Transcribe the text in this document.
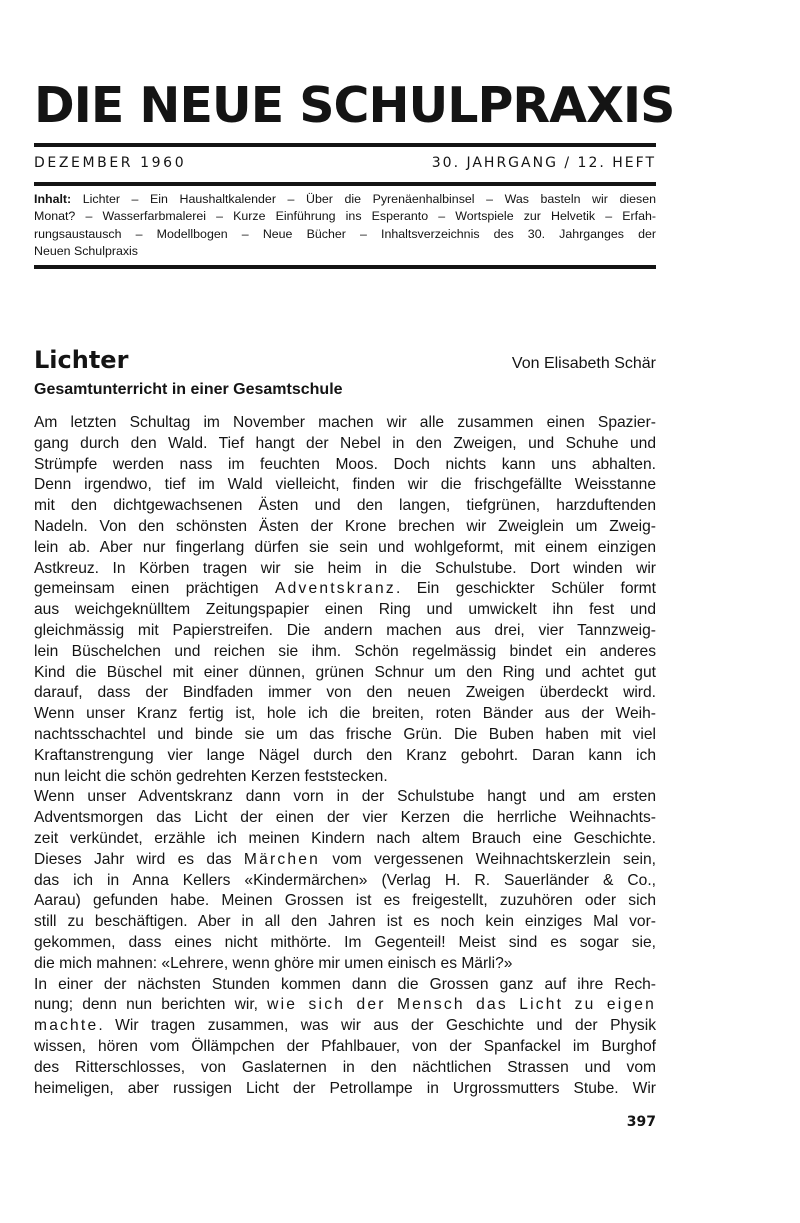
DIE NEUE SCHULPRAXIS
DEZEMBER 1960	30. JAHRGANG / 12. HEFT
Inhalt: Lichter – Ein Haushaltkalender – Über die Pyrenäenhalbinsel – Was basteln wir diesen
Monat? – Wasserfarbmalerei – Kurze Einführung ins Esperanto – Wortspiele zur Helvetik – Erfah-
rungsaustausch – Modellbogen – Neue Bücher – Inhaltsverzeichnis des 30. Jahrganges der
Neuen Schulpraxis
Lichter	Von Elisabeth Schär
Gesamtunterricht in einer Gesamtschule
Am letzten Schultag im November machen wir alle zusammen einen Spazier-
gang durch den Wald. Tief hangt der Nebel in den Zweigen, und Schuhe und
Strümpfe werden nass im feuchten Moos. Doch nichts kann uns abhalten.
Denn irgendwo, tief im Wald vielleicht, finden wir die frischgefällte Weisstanne
mit den dichtgewachsenen Ästen und den langen, tiefgrünen, harzduftenden
Nadeln. Von den schönsten Ästen der Krone brechen wir Zweiglein um Zweig-
lein ab. Aber nur fingerlang dürfen sie sein und wohlgeformt, mit einem einzigen
Astkreuz. In Körben tragen wir sie heim in die Schulstube. Dort winden wir
gemeinsam einen prächtigen Adventskranz. Ein geschickter Schüler formt
aus weichgeknülltem Zeitungspapier einen Ring und umwickelt ihn fest und
gleichmässig mit Papierstreifen. Die andern machen aus drei, vier Tannzweig-
lein Büschelchen und reichen sie ihm. Schön regelmässig bindet ein anderes
Kind die Büschel mit einer dünnen, grünen Schnur um den Ring und achtet gut
darauf, dass der Bindfaden immer von den neuen Zweigen überdeckt wird.
Wenn unser Kranz fertig ist, hole ich die breiten, roten Bänder aus der Weih-
nachtsschachtel und binde sie um das frische Grün. Die Buben haben mit viel
Kraftanstrengung vier lange Nägel durch den Kranz gebohrt. Daran kann ich
nun leicht die schön gedrehten Kerzen feststecken.
Wenn unser Adventskranz dann vorn in der Schulstube hangt und am ersten
Adventsmorgen das Licht der einen der vier Kerzen die herrliche Weihnachts-
zeit verkündet, erzähle ich meinen Kindern nach altem Brauch eine Geschichte.
Dieses Jahr wird es das Märchen vom vergessenen Weihnachtskerzlein sein,
das ich in Anna Kellers «Kindermärchen» (Verlag H. R. Sauerländer & Co.,
Aarau) gefunden habe. Meinen Grossen ist es freigestellt, zuzuhören oder sich
still zu beschäftigen. Aber in all den Jahren ist es noch kein einziges Mal vor-
gekommen, dass eines nicht mithörte. Im Gegenteil! Meist sind es sogar sie,
die mich mahnen: «Lehrere, wenn ghöre mir umen einisch es Märli?»
In einer der nächsten Stunden kommen dann die Grossen ganz auf ihre Rech-
nung; denn nun berichten wir, wie sich der Mensch das Licht zu eigen
machte. Wir tragen zusammen, was wir aus der Geschichte und der Physik
wissen, hören vom Öllämpchen der Pfahlbauer, von der Spanfackel im Burghof
des Ritterschlosses, von Gaslaternen in den nächtlichen Strassen und vom
heimeligen, aber russigen Licht der Petrollampe in Urgrossmutters Stube. Wir
397
